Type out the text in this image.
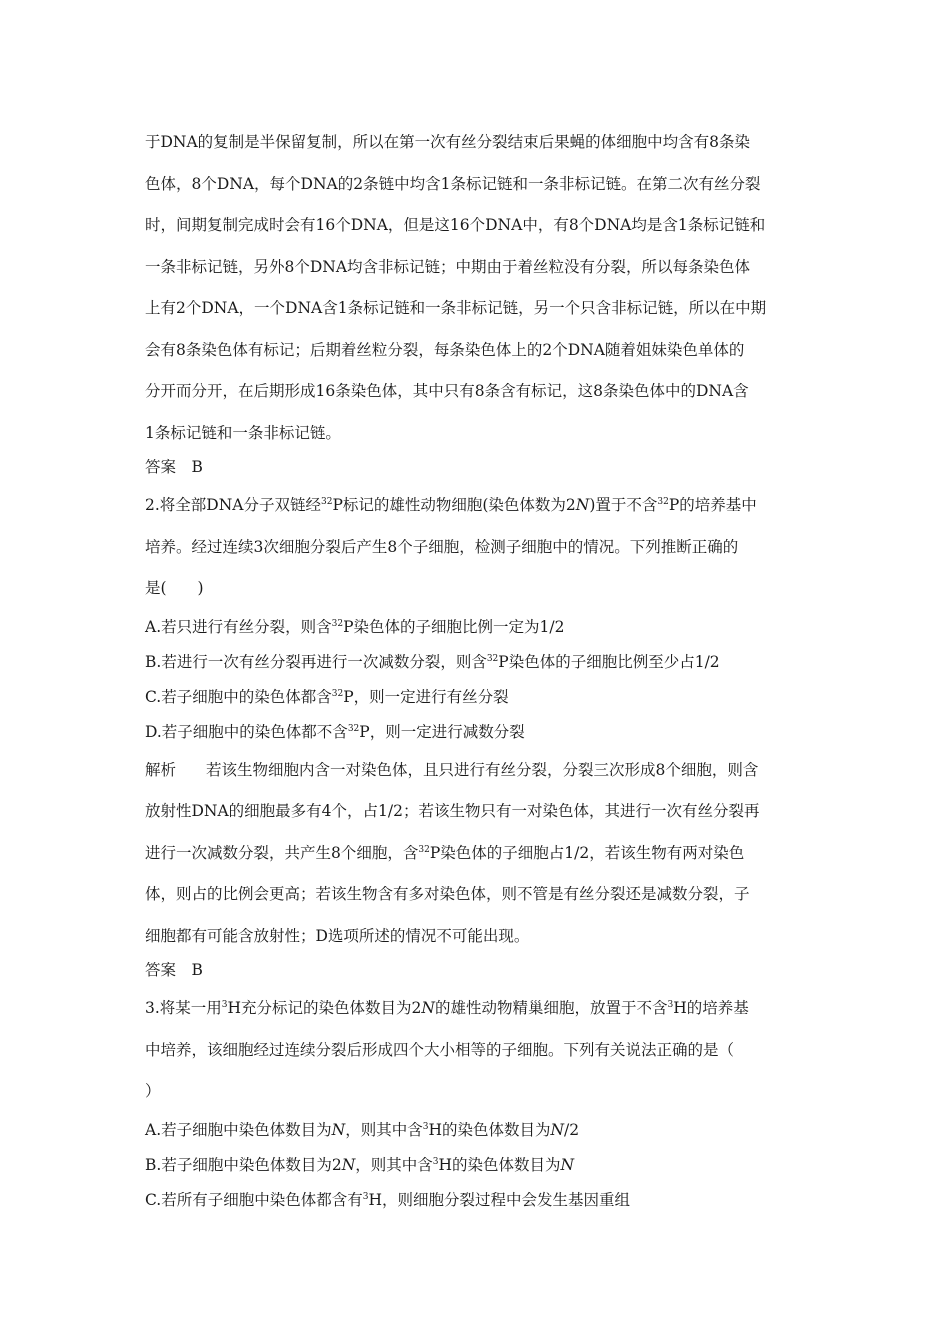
于DNA的复制是半保留复制，所以在第一次有丝分裂结束后果蝇的体细胞中均含有8条染

色体，8个DNA，每个DNA的2条链中均含1条标记链和一条非标记链。在第二次有丝分裂

时，间期复制完成时会有16个DNA，但是这16个DNA中，有8个DNA均是含1条标记链和

一条非标记链，另外8个DNA均含非标记链；中期由于着丝粒没有分裂，所以每条染色体

上有2个DNA，一个DNA含1条标记链和一条非标记链，另一个只含非标记链，所以在中期

会有8条染色体有标记；后期着丝粒分裂，每条染色体上的2个DNA随着姐妹染色单体的

分开而分开，在后期形成16条染色体，其中只有8条含有标记，这8条染色体中的DNA含

1条标记链和一条非标记链。

答案　 B

2.将全部DNA分子双链经$^{32}$P标记的雄性动物细胞(染色体数为2N)置于不含$^{32}$P的培养基中

培养。经过连续3次细胞分裂后产生8个子细胞，检测子细胞中的情况。下列推断正确的

是(　　)

A.若只进行有丝分裂，则含$^{32}$P染色体的子细胞比例一定为1/2

B.若进行一次有丝分裂再进行一次减数分裂，则含$^{32}$P染色体的子细胞比例至少占1/2

C.若子细胞中的染色体都含$^{32}$P，则一定进行有丝分裂

D.若子细胞中的染色体都不含$^{32}$P，则一定进行减数分裂

解析 若该生物细胞内含一对染色体，且只进行有丝分裂，分裂三次形成8个细胞，则含

放射性DNA的细胞最多有4个，占1/2；若该生物只有一对染色体，其进行一次有丝分裂再

进行一次减数分裂，共产生8个细胞，含$^{32}$P染色体的子细胞占1/2，若该生物有两对染色

体，则占的比例会更高；若该生物含有多对染色体，则不管是有丝分裂还是减数分裂，子

细胞都有可能含放射性；D选项所述的情况不可能出现。

答案　 B

3.将某一用$^3$H充分标记的染色体数目为2N的雄性动物精巢细胞，放置于不含$^3$H的培养基

中培养，该细胞经过连续分裂后形成四个大小相等的子细胞。下列有关说法正确的是（

）

A.若子细胞中染色体数目为N，则其中含$^3$H的染色体数目为N/2

B.若子细胞中染色体数目为2N，则其中含$^3$H的染色体数目为N

C.若所有子细胞中染色体都含有$^3$H，则细胞分裂过程中会发生基因重组
